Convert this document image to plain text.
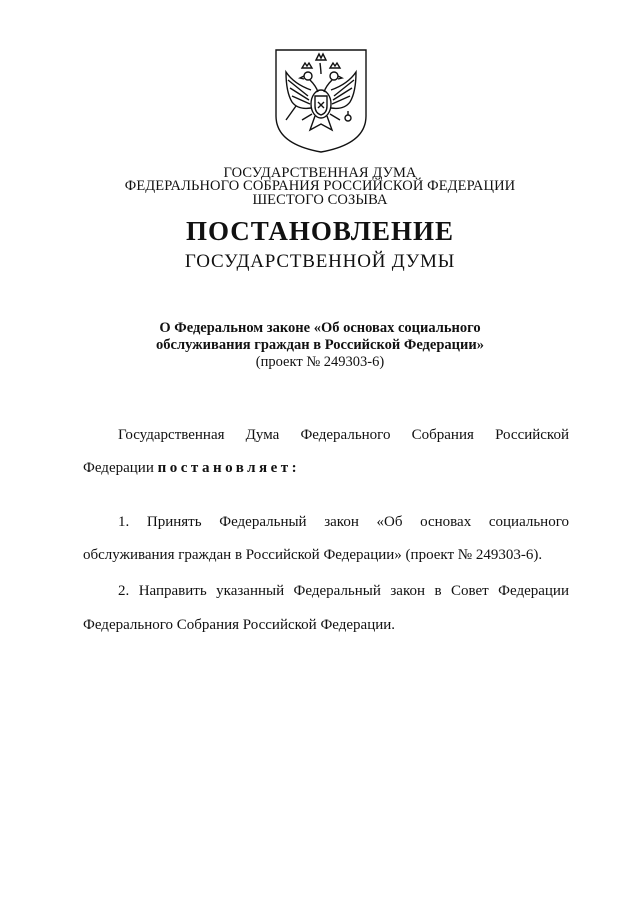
ГОСУДАРСТВЕННАЯ ДУМА
ФЕДЕРАЛЬНОГО СОБРАНИЯ РОССИЙСКОЙ ФЕДЕРАЦИИ
ШЕСТОГО СОЗЫВА
ПОСТАНОВЛЕНИЕ
ГОСУДАРСТВЕННОЙ ДУМЫ
О Федеральном законе «Об основах социального
обслуживания граждан в Российской Федерации»
(проект № 249303-6)
Государственная Дума Федерального Собрания Российской
Федерации постановляет:
1. Принять Федеральный закон «Об основах социального
обслуживания граждан в Российской Федерации» (проект № 249303-6).
2. Направить указанный Федеральный закон в Совет Федерации
Федерального Собрания Российской Федерации.
